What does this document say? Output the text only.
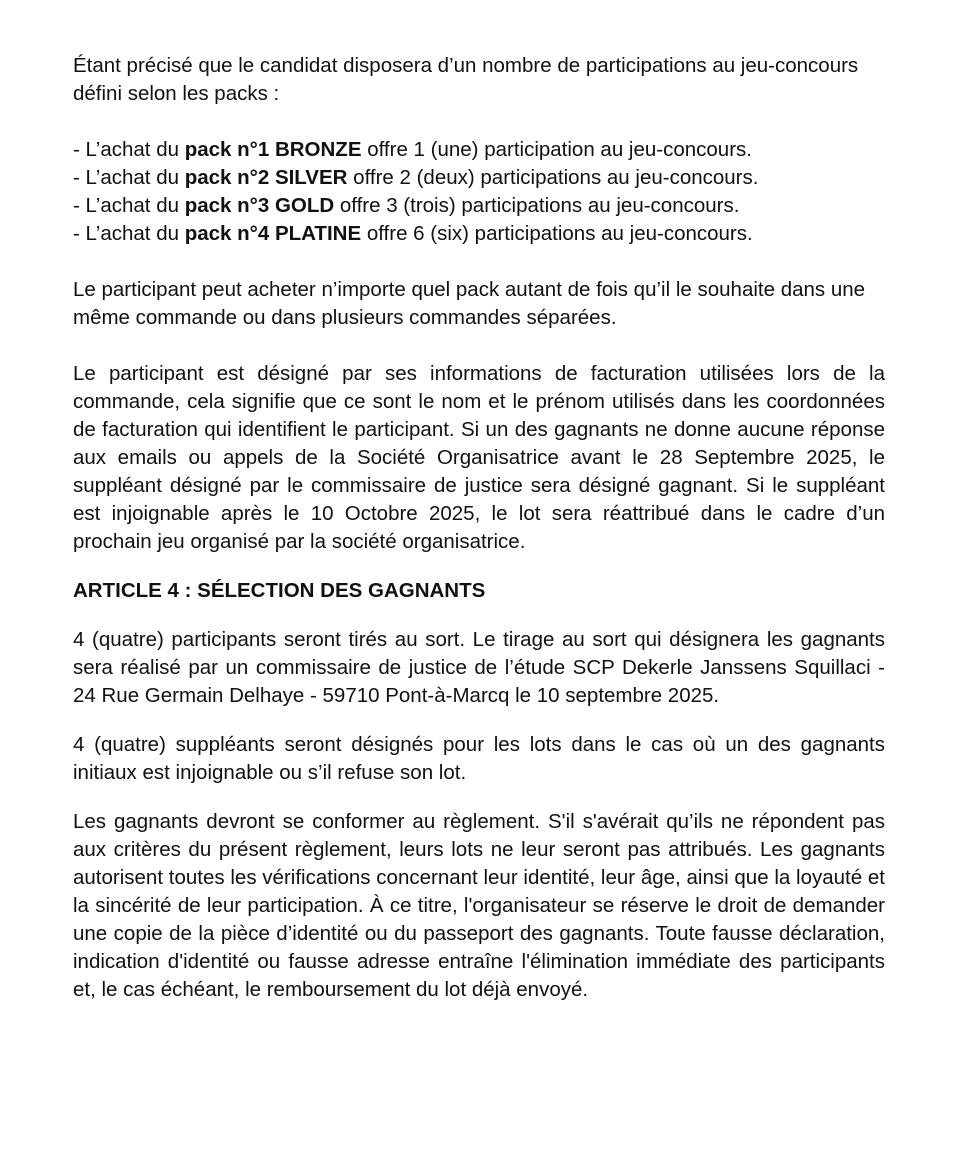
Étant précisé que le candidat disposera d’un nombre de participations au jeu-concours défini selon les packs :

- L’achat du pack n°1 BRONZE offre 1 (une) participation au jeu-concours.

- L’achat du pack n°2 SILVER offre 2 (deux) participations au jeu-concours.

- L’achat du pack n°3 GOLD offre 3 (trois) participations au jeu-concours.

- L’achat du pack n°4 PLATINE offre 6 (six) participations au jeu-concours.

Le participant peut acheter n’importe quel pack autant de fois qu’il le souhaite dans une même commande ou dans plusieurs commandes séparées.

Le participant est désigné par ses informations de facturation utilisées lors de la commande, cela signifie que ce sont le nom et le prénom utilisés dans les coordonnées de facturation qui identifient le participant. Si un des gagnants ne donne aucune réponse aux emails ou appels de la Société Organisatrice avant le 28 Septembre 2025, le suppléant désigné par le commissaire de justice sera désigné gagnant. Si le suppléant est injoignable après le 10 Octobre 2025, le lot sera réattribué dans le cadre d’un prochain jeu organisé par la société organisatrice.

ARTICLE 4 : SÉLECTION DES GAGNANTS

4 (quatre) participants seront tirés au sort. Le tirage au sort qui désignera les gagnants sera réalisé par un commissaire de justice de l’étude SCP Dekerle Janssens Squillaci - 24 Rue Germain Delhaye - 59710 Pont-à-Marcq le 10 septembre 2025.

4 (quatre) suppléants seront désignés pour les lots dans le cas où un des gagnants initiaux est injoignable ou s’il refuse son lot.

Les gagnants devront se conformer au règlement. S'il s'avérait qu’ils ne répondent pas aux critères du présent règlement, leurs lots ne leur seront pas attribués. Les gagnants autorisent toutes les vérifications concernant leur identité, leur âge, ainsi que la loyauté et la sincérité de leur participation. À ce titre, l'organisateur se réserve le droit de demander une copie de la pièce d’identité ou du passeport des gagnants. Toute fausse déclaration, indication d'identité ou fausse adresse entraîne l'élimination immédiate des participants et, le cas échéant, le remboursement du lot déjà envoyé.
